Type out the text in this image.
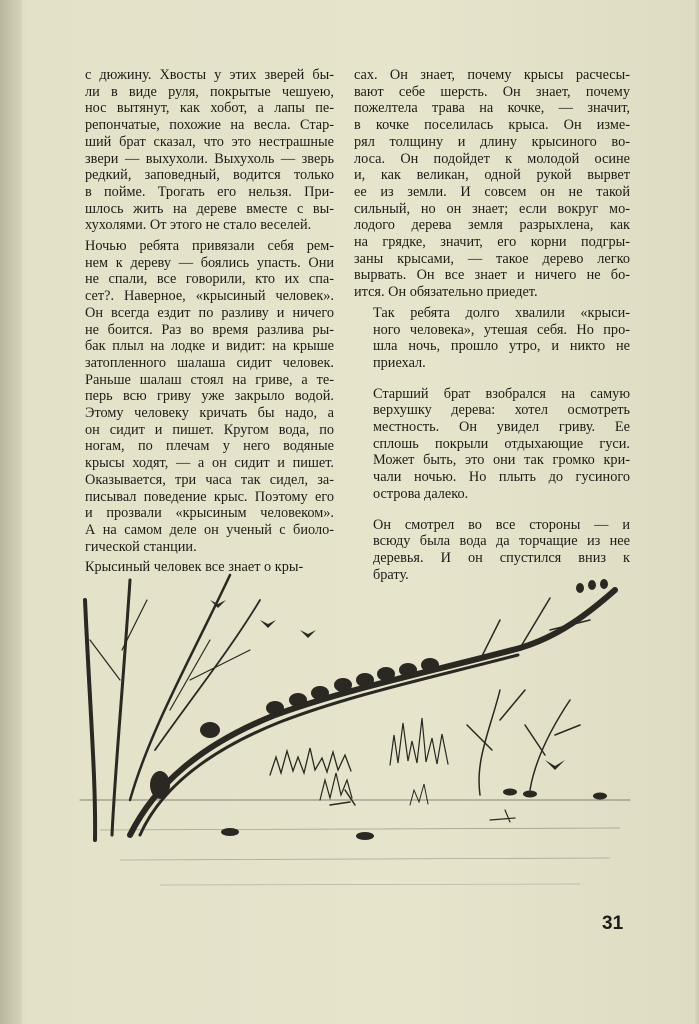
с дюжину. Хвосты у этих зверей бы-
ли в виде руля, покрытые чешуею,
нос вытянут, как хобот, а лапы пе-
репончатые, похожие на весла. Стар-
ший брат сказал, что это нестрашные
звери — выхухоли. Выхухоль — зверь
редкий, заповедный, водится только
в пойме. Трогать его нельзя. При-
шлось жить на дереве вместе с вы-
хухолями. От этого не стало веселей.

Ночью ребята привязали себя рем-
нем к дереву — боялись упасть. Они
не спали, все говорили, кто их спа-
сет?. Наверное, «крысиный человек».
Он всегда ездит по разливу и ничего
не боится. Раз во время разлива ры-
бак плыл на лодке и видит: на крыше
затопленного шалаша сидит человек.
Раньше шалаш стоял на гриве, а те-
перь всю гриву уже закрыло водой.
Этому человеку кричать бы надо, а
он сидит и пишет. Кругом вода, по
ногам, по плечам у него водяные
крысы ходят, — а он сидит и пишет.
Оказывается, три часа так сидел, за-
писывал поведение крыс. Поэтому его
и прозвали «крысиным человеком».
А на самом деле он ученый с биоло-
гической станции.

Крысиный человек все знает о кры-

сах. Он знает, почему крысы расчесы-
вают себе шерсть. Он знает, почему
пожелтела трава на кочке, — значит,
в кочке поселилась крыса. Он изме-
рял толщину и длину крысиного во-
лоса. Он подойдет к молодой осине
и, как великан, одной рукой вырвет
ее из земли. И совсем он не такой
сильный, но он знает; если вокруг мо-
лодого дерева земля разрыхлена, как
на грядке, значит, его корни подгры-
заны крысами, — такое дерево легко
вырвать. Он все знает и ничего не бо-
ится. Он обязательно приедет.

Так ребята долго хвалили «крыси-
ного человека», утешая себя. Но про-
шла ночь, прошло утро, и никто не
приехал.

Старший брат взобрался на самую
верхушку дерева: хотел осмотреть
местность. Он увидел гриву. Ее
сплошь покрыли отдыхающие гуси.
Может быть, это они так громко кри-
чали ночью. Но плыть до гусиного
острова далеко.

Он смотрел во все стороны — и
всюду была вода да торчащие из нее
деревья. И он спустился вниз к
брату.

31
